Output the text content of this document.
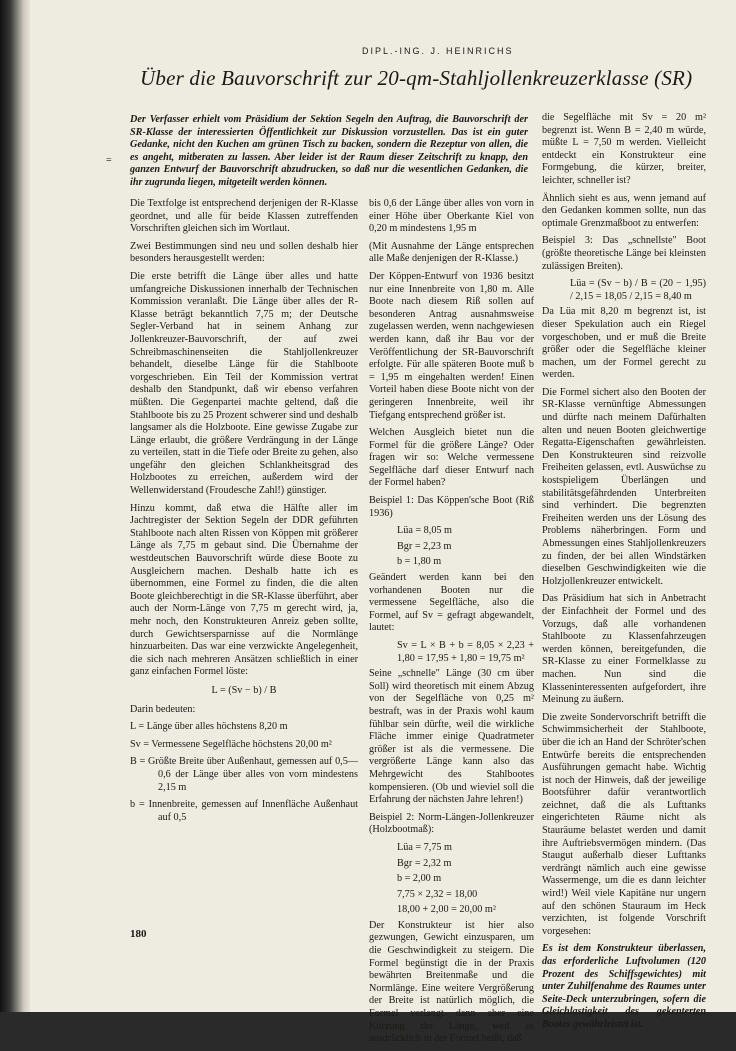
DIPL.-ING. J. HEINRICHS
Über die Bauvorschrift zur 20-qm-Stahljollenkreuzerklasse (SR)
=
Der Verfasser erhielt vom Präsidium der Sektion Segeln den Auftrag, die Bauvorschrift der SR-Klasse der interessierten Öffentlichkeit zur Diskussion vorzustellen. Das ist ein guter Gedanke, nicht den Kuchen am grünen Tisch zu backen, sondern die Rezeptur von allen, die es angeht, mitberaten zu lassen. Aber leider ist der Raum dieser Zeitschrift zu knapp, den ganzen Entwurf der Bauvorschrift abzudrucken, so daß nur die wesentlichen Gedanken, die ihr zugrunda liegen, mitgeteilt werden können.

Die Textfolge ist entsprechend derjenigen der R-Klasse geordnet, und alle für beide Klassen zutreffenden Vorschriften gleichen sich im Wortlaut.

Zwei Bestimmungen sind neu und sollen deshalb hier besonders herausgestellt werden:

Die erste betrifft die Länge über alles und hatte umfangreiche Diskussionen innerhalb der Technischen Kommission veranlaßt. Die Länge über alles der R-Klasse beträgt bekanntlich 7,75 m; der Deutsche Segler-Verband hat in seinem Anhang zur Jollenkreuzer-Bauvorschrift, der auf zwei Schreibmaschinenseiten die Stahljollenkreuzer behandelt, dieselbe Länge für die Stahlboote vorgeschrieben. Ein Teil der Kommission vertrat deshalb den Standpunkt, daß wir ebenso verfahren müßten. Die Gegenpartei machte geltend, daß die Stahlboote bis zu 25 Prozent schwerer sind und deshalb langsamer als die Holzboote. Eine gewisse Zugabe zur Länge erlaubt, die größere Verdrängung in der Länge zu verteilen, statt in die Tiefe oder Breite zu gehen, also ungefähr den gleichen Schlankheitsgrad des Holzbootes zu erreichen, außerdem wird der Wellenwiderstand (Froudesche Zahl!) günstiger.

Hinzu kommt, daß etwa die Hälfte aller im Jachtregister der Sektion Segeln der DDR geführten Stahlboote nach alten Rissen von Köppen mit größerer Länge als 7,75 m gebaut sind. Die Übernahme der westdeutschen Bauvorschrift würde diese Boote zu Ausgleichern machen. Deshalb hatte ich es übernommen, eine Formel zu finden, die die alten Boote gleichberechtigt in die SR-Klasse überführt, aber auch der Norm-Länge von 7,75 m gerecht wird, ja, mehr noch, den Konstrukteuren Anreiz geben sollte, durch Gewichtsersparnisse auf die Normlänge hinzuarbeiten. Das war eine verzwickte Angelegenheit, die sich nach mehreren Ansätzen schließlich in einer ganz einfachen Formel löste:

L = (Sv − b) / B

Darin bedeuten:

L = Länge über alles höchstens 8,20 m

Sv = Vermessene Segelfläche höchstens 20,00 m²

B = Größte Breite über Außenhaut, gemessen auf 0,5—0,6 der Länge über alles von vorn mindestens 2,15 m

b = Innenbreite, gemessen auf Innenfläche Außenhaut auf 0,5

bis 0,6 der Länge über alles von vorn in einer Höhe über Oberkante Kiel von 0,20 m mindestens 1,95 m

(Mit Ausnahme der Länge entsprechen alle Maße denjenigen der R-Klasse.)

Der Köppen-Entwurf von 1936 besitzt nur eine Innenbreite von 1,80 m. Alle Boote nach diesem Riß sollen auf besonderen Antrag ausnahmsweise zugelassen werden, wenn nachgewiesen werden kann, daß ihr Bau vor der Veröffentlichung der SR-Bauvorschrift erfolgte. Für alle späteren Boote muß b = 1,95 m eingehalten werden! Einen Vorteil haben diese Boote nicht von der geringeren Innenbreite, weil ihr Tiefgang entsprechend größer ist.

Welchen Ausgleich bietet nun die Formel für die größere Länge? Oder fragen wir so: Welche vermessene Segelfläche darf dieser Entwurf nach der Formel haben?

Beispiel 1: Das Köppen'sche Boot (Riß 1936)

Lüa = 8,05 m
Bgr = 2,23 m
b = 1,80 m

Geändert werden kann bei den vorhandenen Booten nur die vermessene Segelfläche, also die Formel, auf Sv = gefragt abgewandelt, lautet:

Sv = L × B + b = 8,05 × 2,23 + 1,80 = 17,95 + 1,80 = 19,75 m²

Seine „schnelle" Länge (30 cm über Soll) wird theoretisch mit einem Abzug von der Segelfläche von 0,25 m² bestraft, was in der Praxis wohl kaum fühlbar sein dürfte, weil die wirkliche Fläche immer einige Quadratmeter größer ist als die vermessene. Die vergrößerte Länge kann also das Mehrgewicht des Stahlbootes kompensieren. (Ob und wieviel soll die Erfahrung der nächsten Jahre lehren!)

Beispiel 2: Norm-Längen-Jollenkreuzer (Holzbootmaß):

Lüa = 7,75 m
Bgr = 2,32 m
b = 2,00 m
7,75 × 2,32 = 18,00
18,00 + 2,00 = 20,00 m²

Der Konstrukteur ist hier also gezwungen, Gewicht einzusparen, um die Geschwindigkeit zu steigern. Die Formel begünstigt die in der Praxis bewährten Breitenmaße und die Normlänge. Eine weitere Vergrößerung der Breite ist natürlich möglich, die Formel verlangt dann aber eine Kürzung der Länge, weil es ausdrücklich in der Formel heißt, daß

die Segelfläche mit Sv = 20 m² begrenzt ist. Wenn B = 2,40 m würde, müßte L = 7,50 m werden. Vielleicht entdeckt ein Konstrukteur eine Formgebung, die kürzer, breiter, leichter, schneller ist?

Ähnlich sieht es aus, wenn jemand auf den Gedanken kommen sollte, nun das optimale Grenzmaßboot zu entwerfen:

Beispiel 3: Das „schnellste" Boot (größte theoretische Länge bei kleinsten zulässigen Breiten).

Lüa = (Sv − b) / B = (20 − 1,95) / 2,15 = 18,05 / 2,15 = 8,40 m

Da Lüa mit 8,20 m begrenzt ist, ist dieser Spekulation auch ein Riegel vorgeschoben, und er muß die Breite größer oder die Segelfläche kleiner machen, um der Formel gerecht zu werden.

Die Formel sichert also den Booten der SR-Klasse vernünftige Abmessungen und dürfte nach meinem Dafürhalten alten und neuen Booten gleichwertige Regatta-Eigenschaften gewährleisten. Den Konstrukteuren sind reizvolle Freiheiten gelassen, evtl. Auswüchse zu kostspieligem Überlängen und stabilitätsgefährdenden Unterbreiten sind verhindert. Die begrenzten Freiheiten werden uns der Lösung des Problems näherbringen. Form und Abmessungen eines Stahljollenkreuzers zu finden, der bei allen Windstärken dieselben Geschwindigkeiten wie die Holzjollenkreuzer entwickelt.

Das Präsidium hat sich in Anbetracht der Einfachheit der Formel und des Vorzugs, daß alle vorhandenen Stahlboote zu Klassenfahrzeugen werden können, bereitgefunden, die SR-Klasse zu einer Formelklasse zu machen. Nun sind die Klasseninteressenten aufgefordert, ihre Meinung zu äußern.

Die zweite Sondervorschrift betrifft die Schwimmsicherheit der Stahlboote, über die ich an Hand der Schröter'schen Entwürfe bereits die entsprechenden Ausführungen gemacht habe. Wichtig ist noch der Hinweis, daß der jeweilige Bootsführer dafür verantwortlich zeichnet, daß die als Lufttanks eingerichteten Räume nicht als Stauräume belastet werden und damit ihre Auftriebsvermögen mindern. (Das Staugut außerhalb dieser Lufttanks verdrängt nämlich auch eine gewisse Wassermenge, um die es dann leichter wird!) Weil viele Kapitäne nur ungern auf den schönen Stauraum im Heck verzichten, ist folgende Vorschrift vorgesehen:

Es ist dem Konstrukteur überlassen, das erforderliche Luftvolumen (120 Prozent des Schiffsgewichtes) mit unter Zuhilfenahme des Raumes unter Seite-Deck unterzubringen, sofern die Gleichlastigkeit des gekenterten Bootes gewährleistet ist.

180
